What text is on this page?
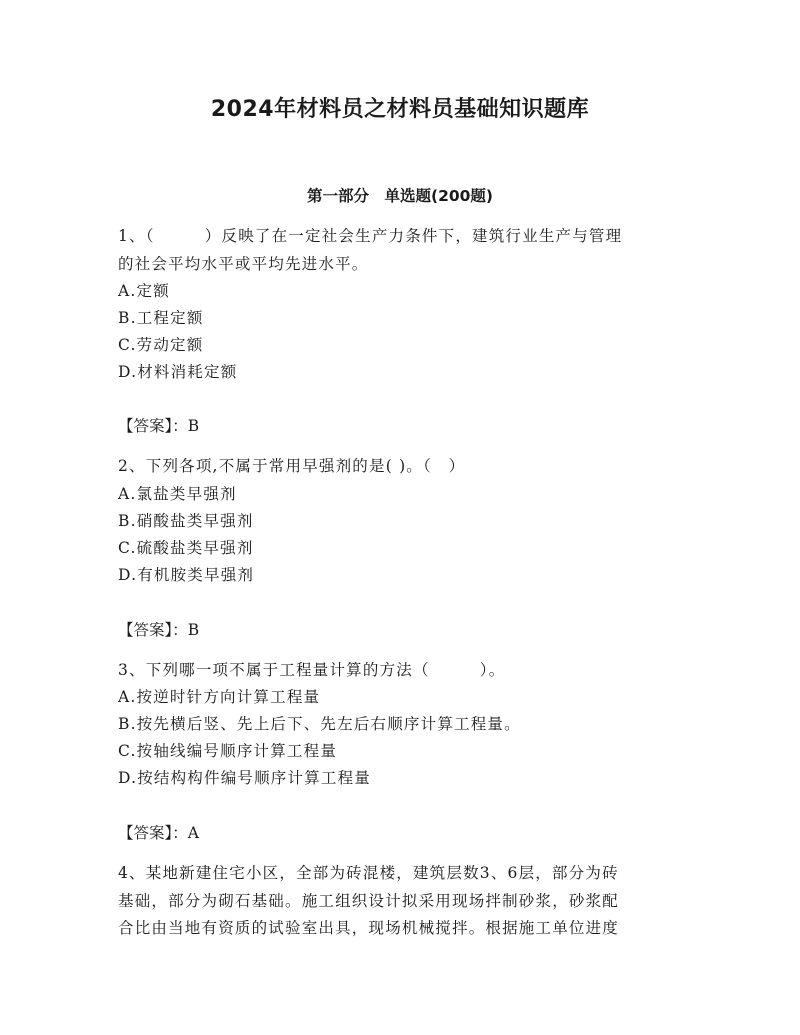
2024年材料员之材料员基础知识题库
第一部分　单选题(200题)
1、（　　　）反映了在一定社会生产力条件下，建筑行业生产与管理
的社会平均水平或平均先进水平。
A.定额
B.工程定额
C.劳动定额
D.材料消耗定额
【答案】：B
2、下列各项,不属于常用早强剂的是( )。（　）
A.氯盐类早强剂
B.硝酸盐类早强剂
C.硫酸盐类早强剂
D.有机胺类早强剂
【答案】：B
3、下列哪一项不属于工程量计算的方法（　　　）。
A.按逆时针方向计算工程量
B.按先横后竖、先上后下、先左后右顺序计算工程量。
C.按轴线编号顺序计算工程量
D.按结构构件编号顺序计算工程量
【答案】：A
4、某地新建住宅小区，全部为砖混楼，建筑层数3、6层，部分为砖
基础，部分为砌石基础。施工组织设计拟采用现场拌制砂浆，砂浆配
合比由当地有资质的试验室出具，现场机械搅拌。根据施工单位进度
